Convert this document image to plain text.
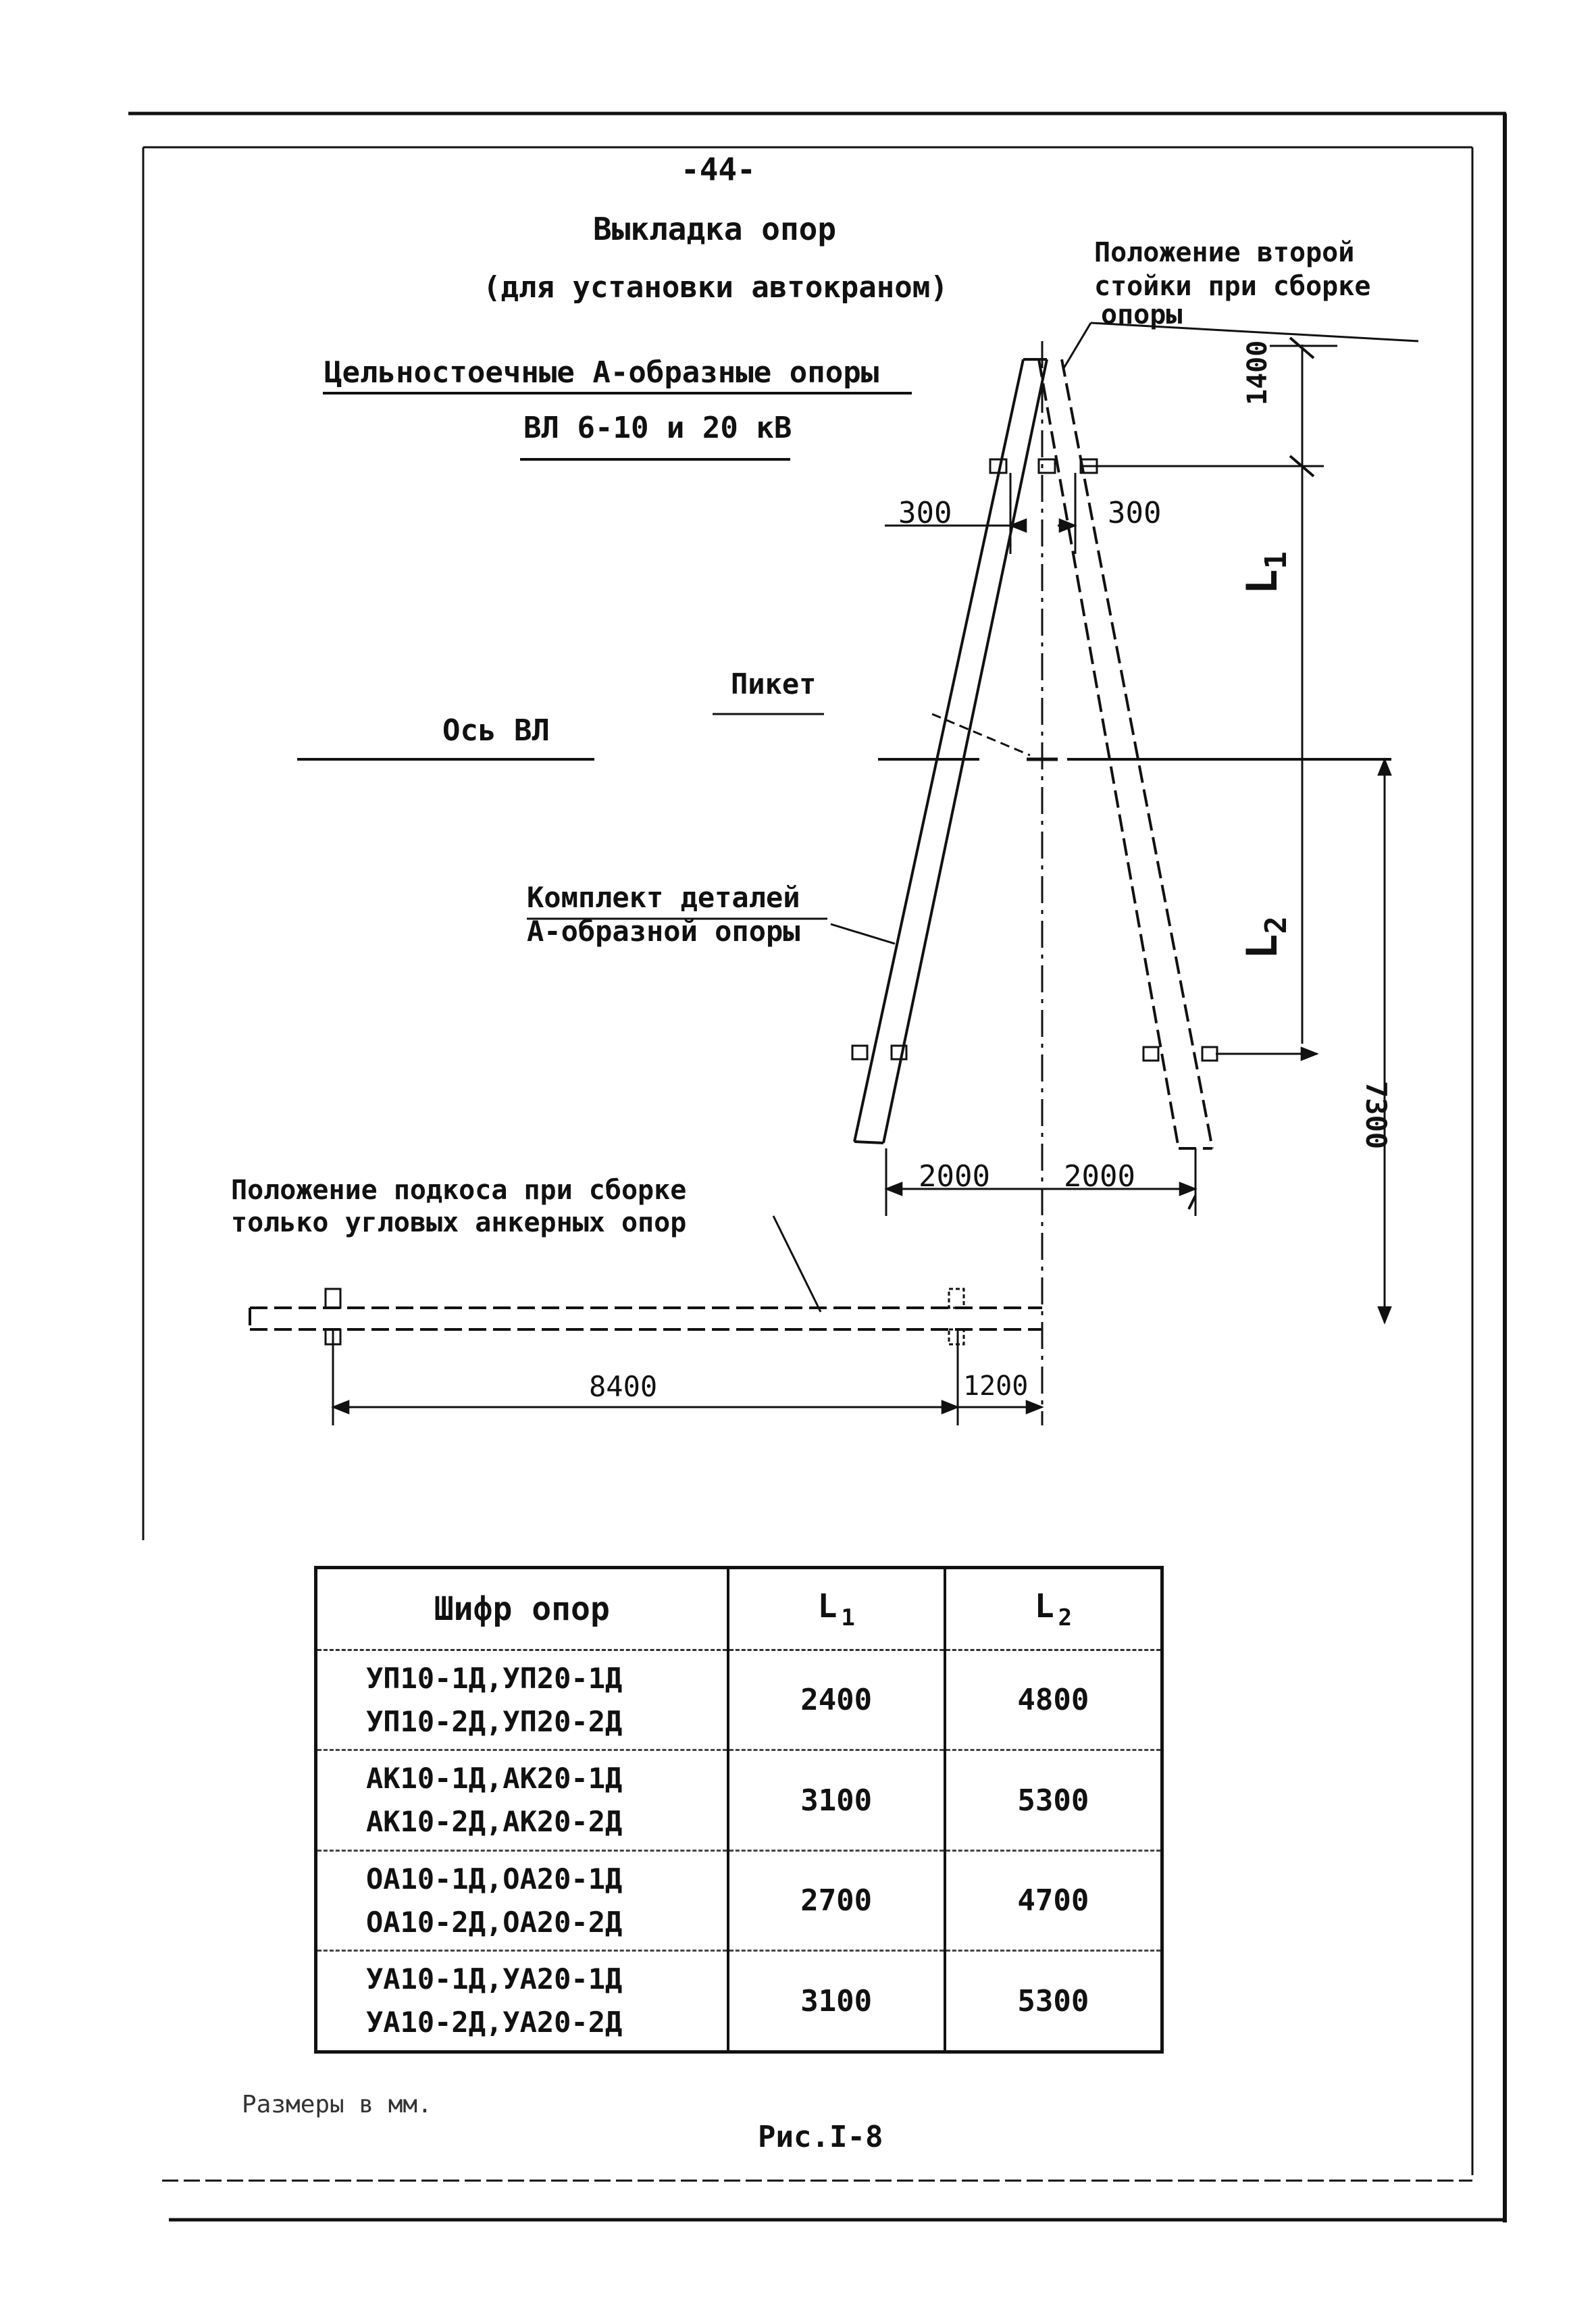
-44-
Выкладка опор
(для установки автокраном)
Цельностоечные А-образные опоры
ВЛ 6-10 и 20 кВ
Положение второй
стойки при сборке
опоры
1400
300	300
$L_1$
Пикет
Ось ВЛ
Комплект деталей
А-образной опоры	$L_2$
7300
2000 2000
Положение подкоса при сборке
только угловых анкерных опор
8400	1200
Шифр опор	L $_1$	L $_2$

УП10-1Д,УП20-1Д
УП10-2Д,УП20-2Д	2400	4800

АК10-1Д,АК20-1Д
АК10-2Д,АК20-2Д	3100	5300

ОА10-1Д,ОА20-1Д
ОА10-2Д,ОА20-2Д	2700	4700

УА10-1Д,УА20-1Д
УА10-2Д,УА20-2Д	3100	5300
Размеры в мм.
Рис.I-8
